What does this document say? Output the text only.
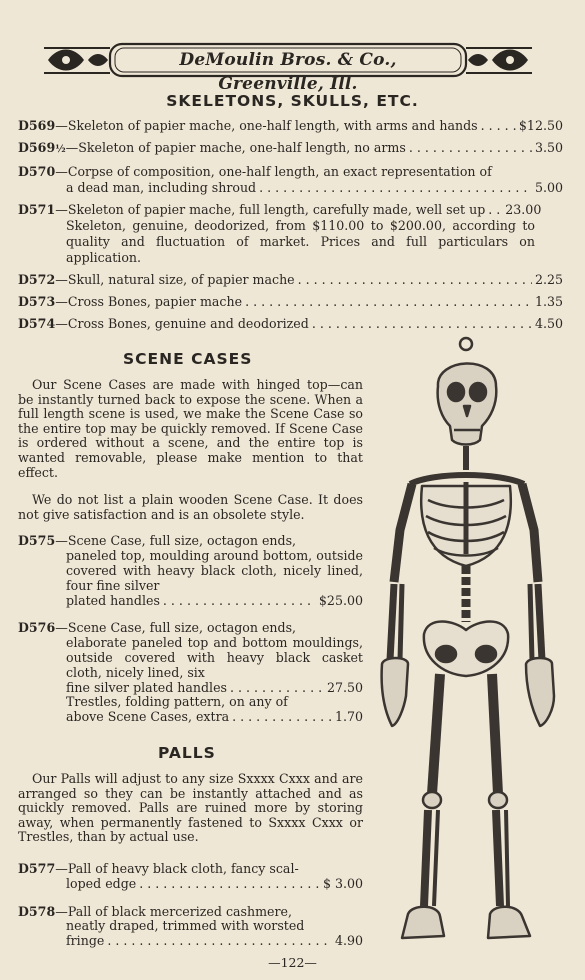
DeMoulin Bros. & Co., Greenville, Ill.
SKELETONS, SKULLS, ETC.
D569 —Skeleton of papier mache, one-half length, with arms and hands . . .	$12.50
D569½ —Skeleton of papier mache, one-half length, no arms . . .	3.50
D570 —Corpse of composition, one-half length, an exact representation of
a dead man, including shroud . . .	5.00
D571 —Skeleton of papier mache, full length, carefully made, well set up . . . 23.00
Skeleton, genuine, deodorized, from $110.00 to $200.00, according to quality and fluctuation of market. Prices and full particulars on application.
D572 —Skull, natural size, of papier mache . . .	2.25
D573 —Cross Bones, papier mache . . .	1.35
D574 —Cross Bones, genuine and deodorized . . .	4.50
SCENE CASES
Our Scene Cases are made with hinged top—can be instantly turned back to expose the scene. When a full length scene is used, we make the Scene Case so the entire top may be quickly removed. If Scene Case is ordered without a scene, and the entire top is wanted removable, please make mention to that effect.
We do not list a plain wooden Scene Case. It does not give satisfaction and is an obsolete style.
D575 —Scene Case, full size, octagon ends,
paneled top, moulding around bottom, outside covered with heavy black cloth, nicely lined, four fine silver
plated handles . . .	$25.00
D576 —Scene Case, full size, octagon ends,
elaborate paneled top and bottom mouldings, outside covered with heavy black casket cloth, nicely lined, six
fine silver plated handles . . .	27.50
Trestles, folding pattern, on any of
above Scene Cases, extra . . .	1.70
PALLS
Our Palls will adjust to any size Sxxxx Cxxx and are arranged so they can be instantly attached and as quickly removed. Palls are ruined more by storing away, when permanently fastened to Sxxxx Cxxx or Trestles, than by actual use.
D577 —Pall of heavy black cloth, fancy scal-
loped edge . . .	$ 3.00
D578 —Pall of black mercerized cashmere,
neatly draped, trimmed with worsted
fringe . . .	4.90
—122—
